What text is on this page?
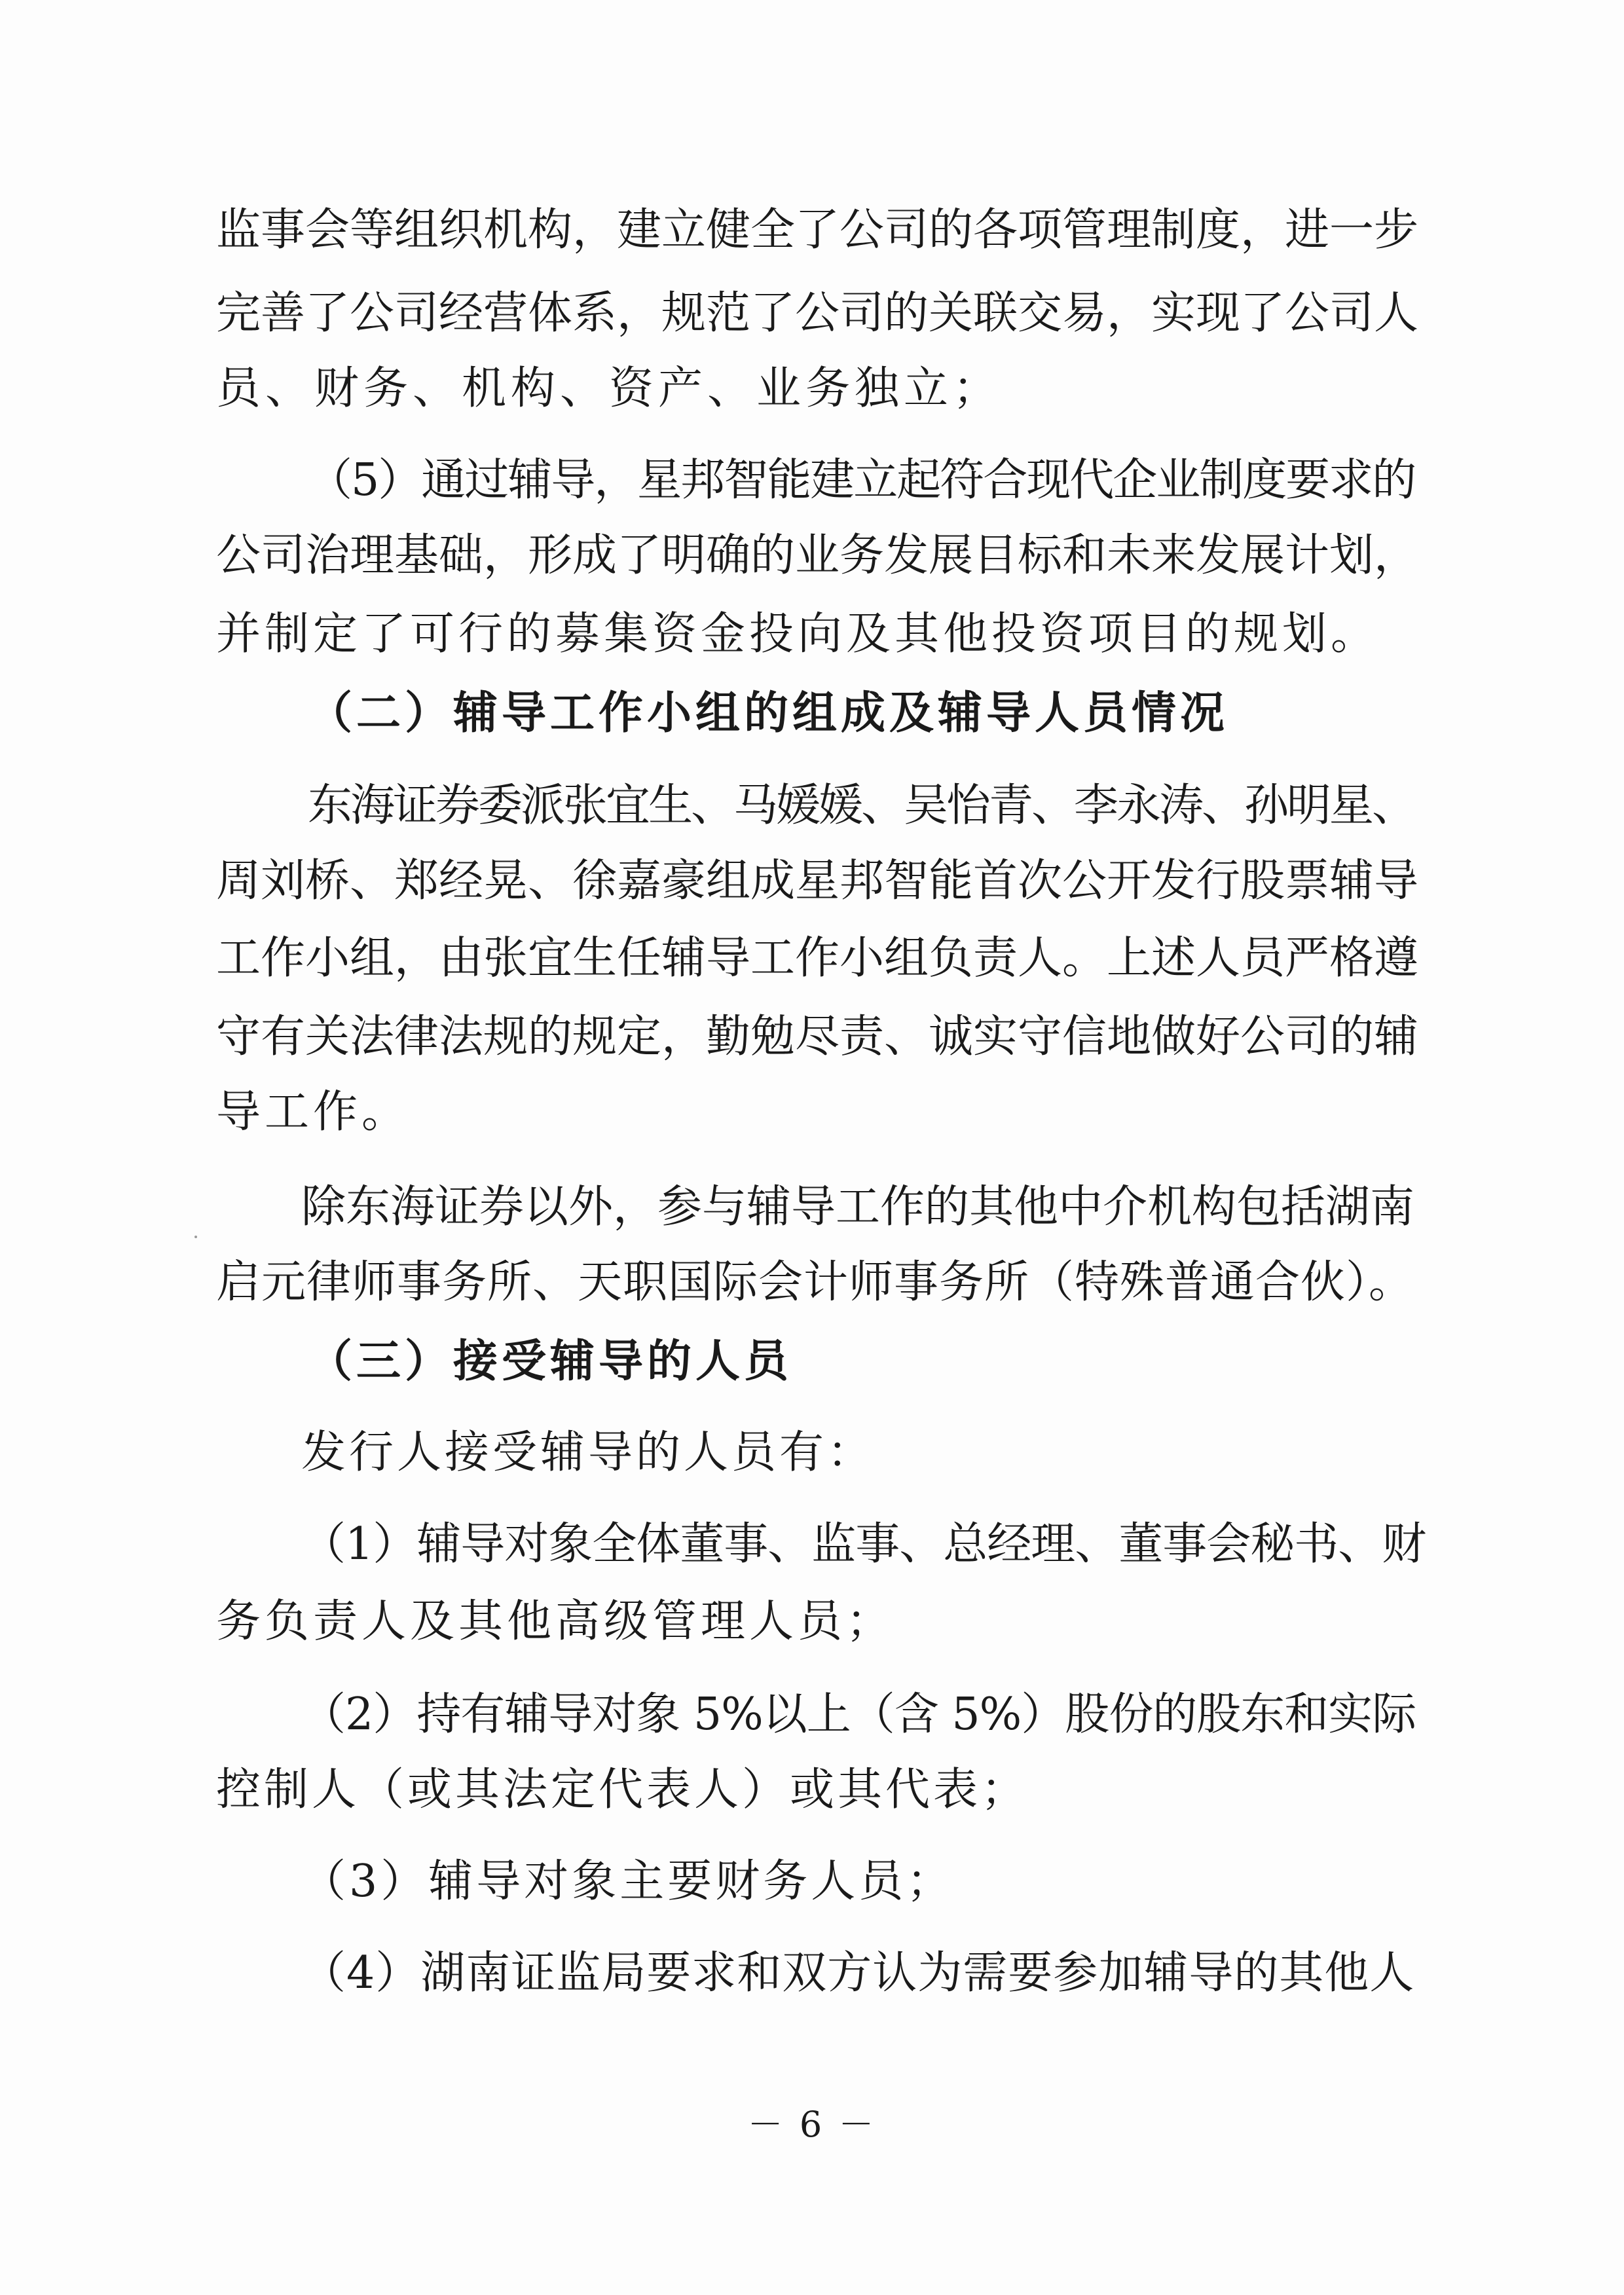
监事会等组织机构，建立健全了公司的各项管理制度，进一步
完善了公司经营体系，规范了公司的关联交易，实现了公司人
员、财务、机构、资产、业务独立；
（5）通过辅导，星邦智能建立起符合现代企业制度要求的
公司治理基础，形成了明确的业务发展目标和未来发展计划，
并制定了可行的募集资金投向及其他投资项目的规划。
（二）辅导工作小组的组成及辅导人员情况
东海证券委派张宜生、马媛媛、吴怡青、李永涛、孙明星、
周刘桥、郑经晃、徐嘉豪组成星邦智能首次公开发行股票辅导
工作小组，由张宜生任辅导工作小组负责人。上述人员严格遵
守有关法律法规的规定，勤勉尽责、诚实守信地做好公司的辅
导工作。
除东海证券以外，参与辅导工作的其他中介机构包括湖南
启元律师事务所、天职国际会计师事务所（特殊普通合伙）。
（三）接受辅导的人员
发行人接受辅导的人员有：
（1）辅导对象全体董事、监事、总经理、董事会秘书、财
务负责人及其他高级管理人员；
（2）持有辅导对象 5%以上（含 5%）股份的股东和实际
控制人（或其法定代表人）或其代表；
（3）辅导对象主要财务人员；
（4）湖南证监局要求和双方认为需要参加辅导的其他人
－ 6 －
